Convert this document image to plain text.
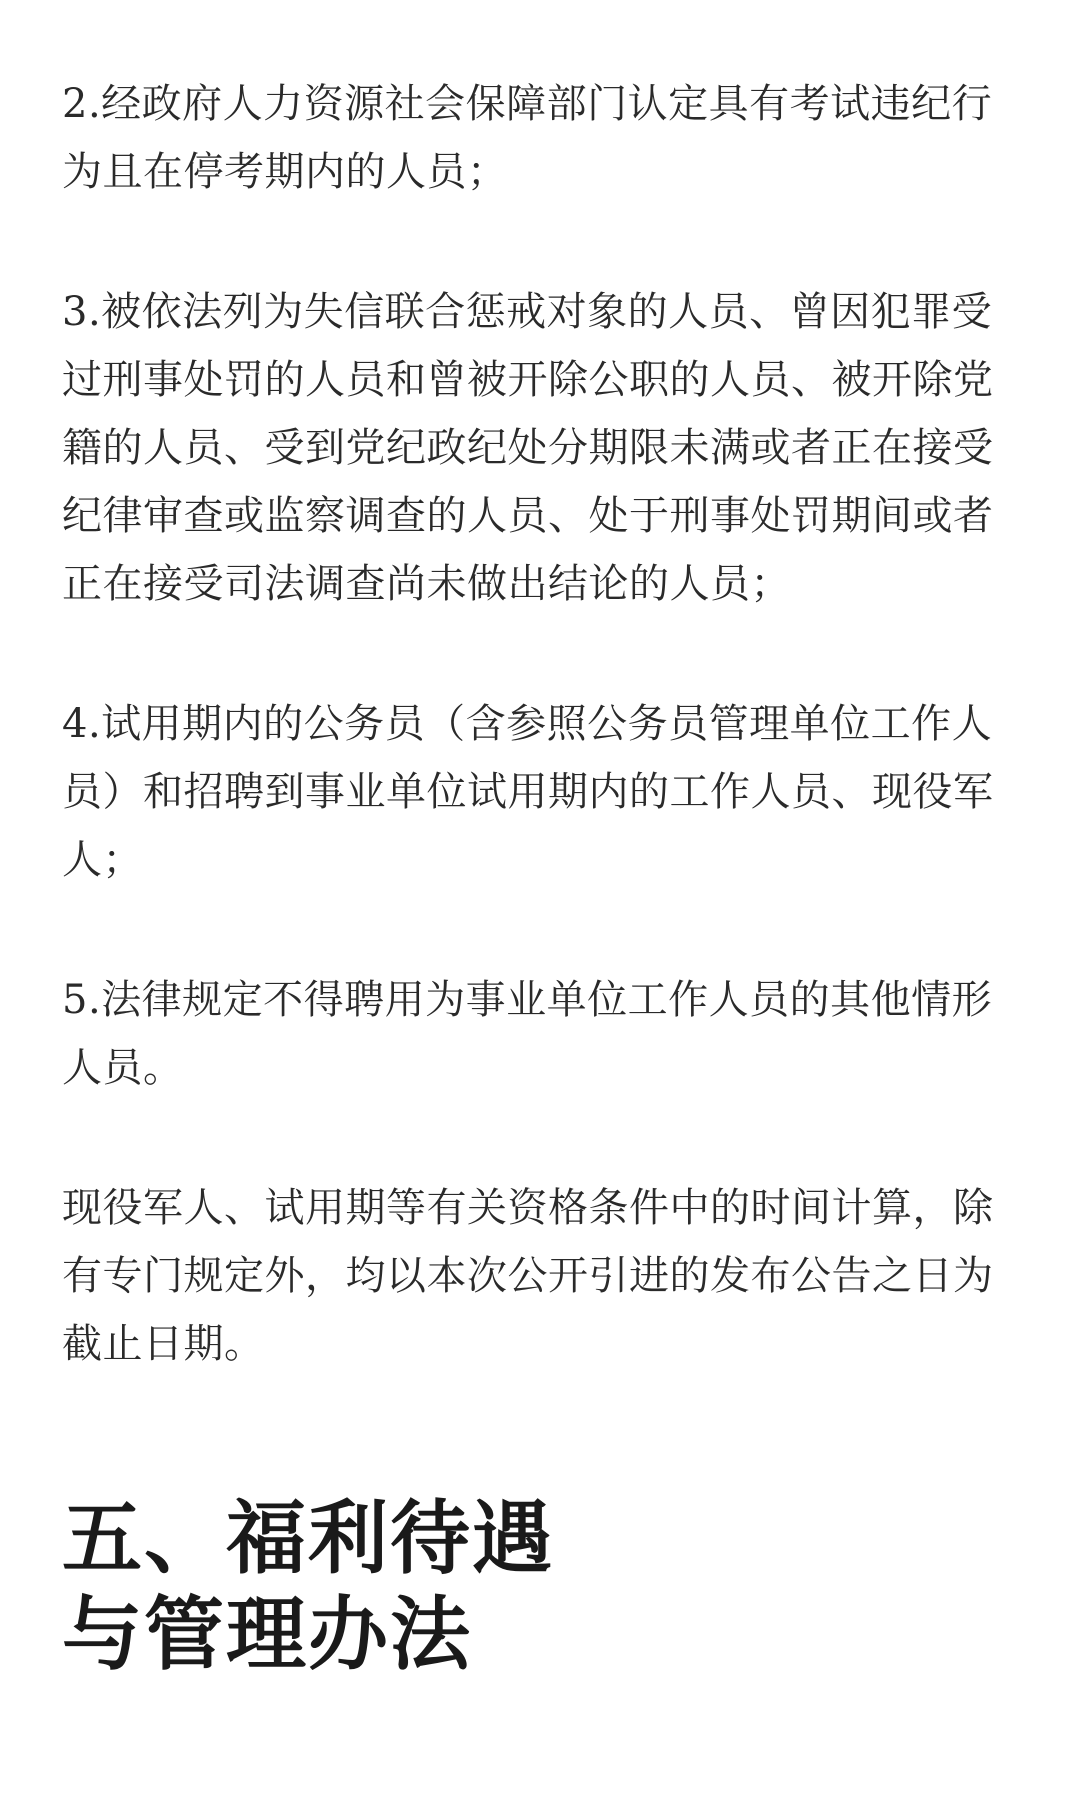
2.经政府人力资源社会保障部门认定具有考试违纪行
为且在停考期内的人员；

3.被依法列为失信联合惩戒对象的人员、曾因犯罪受
过刑事处罚的人员和曾被开除公职的人员、被开除党
籍的人员、受到党纪政纪处分期限未满或者正在接受
纪律审查或监察调查的人员、处于刑事处罚期间或者
正在接受司法调查尚未做出结论的人员；

4.试用期内的公务员（含参照公务员管理单位工作人
员）和招聘到事业单位试用期内的工作人员、现役军
人；

5.法律规定不得聘用为事业单位工作人员的其他情形
人员。

现役军人、试用期等有关资格条件中的时间计算，除
有专门规定外，均以本次公开引进的发布公告之日为
截止日期。

五、福利待遇
与管理办法
